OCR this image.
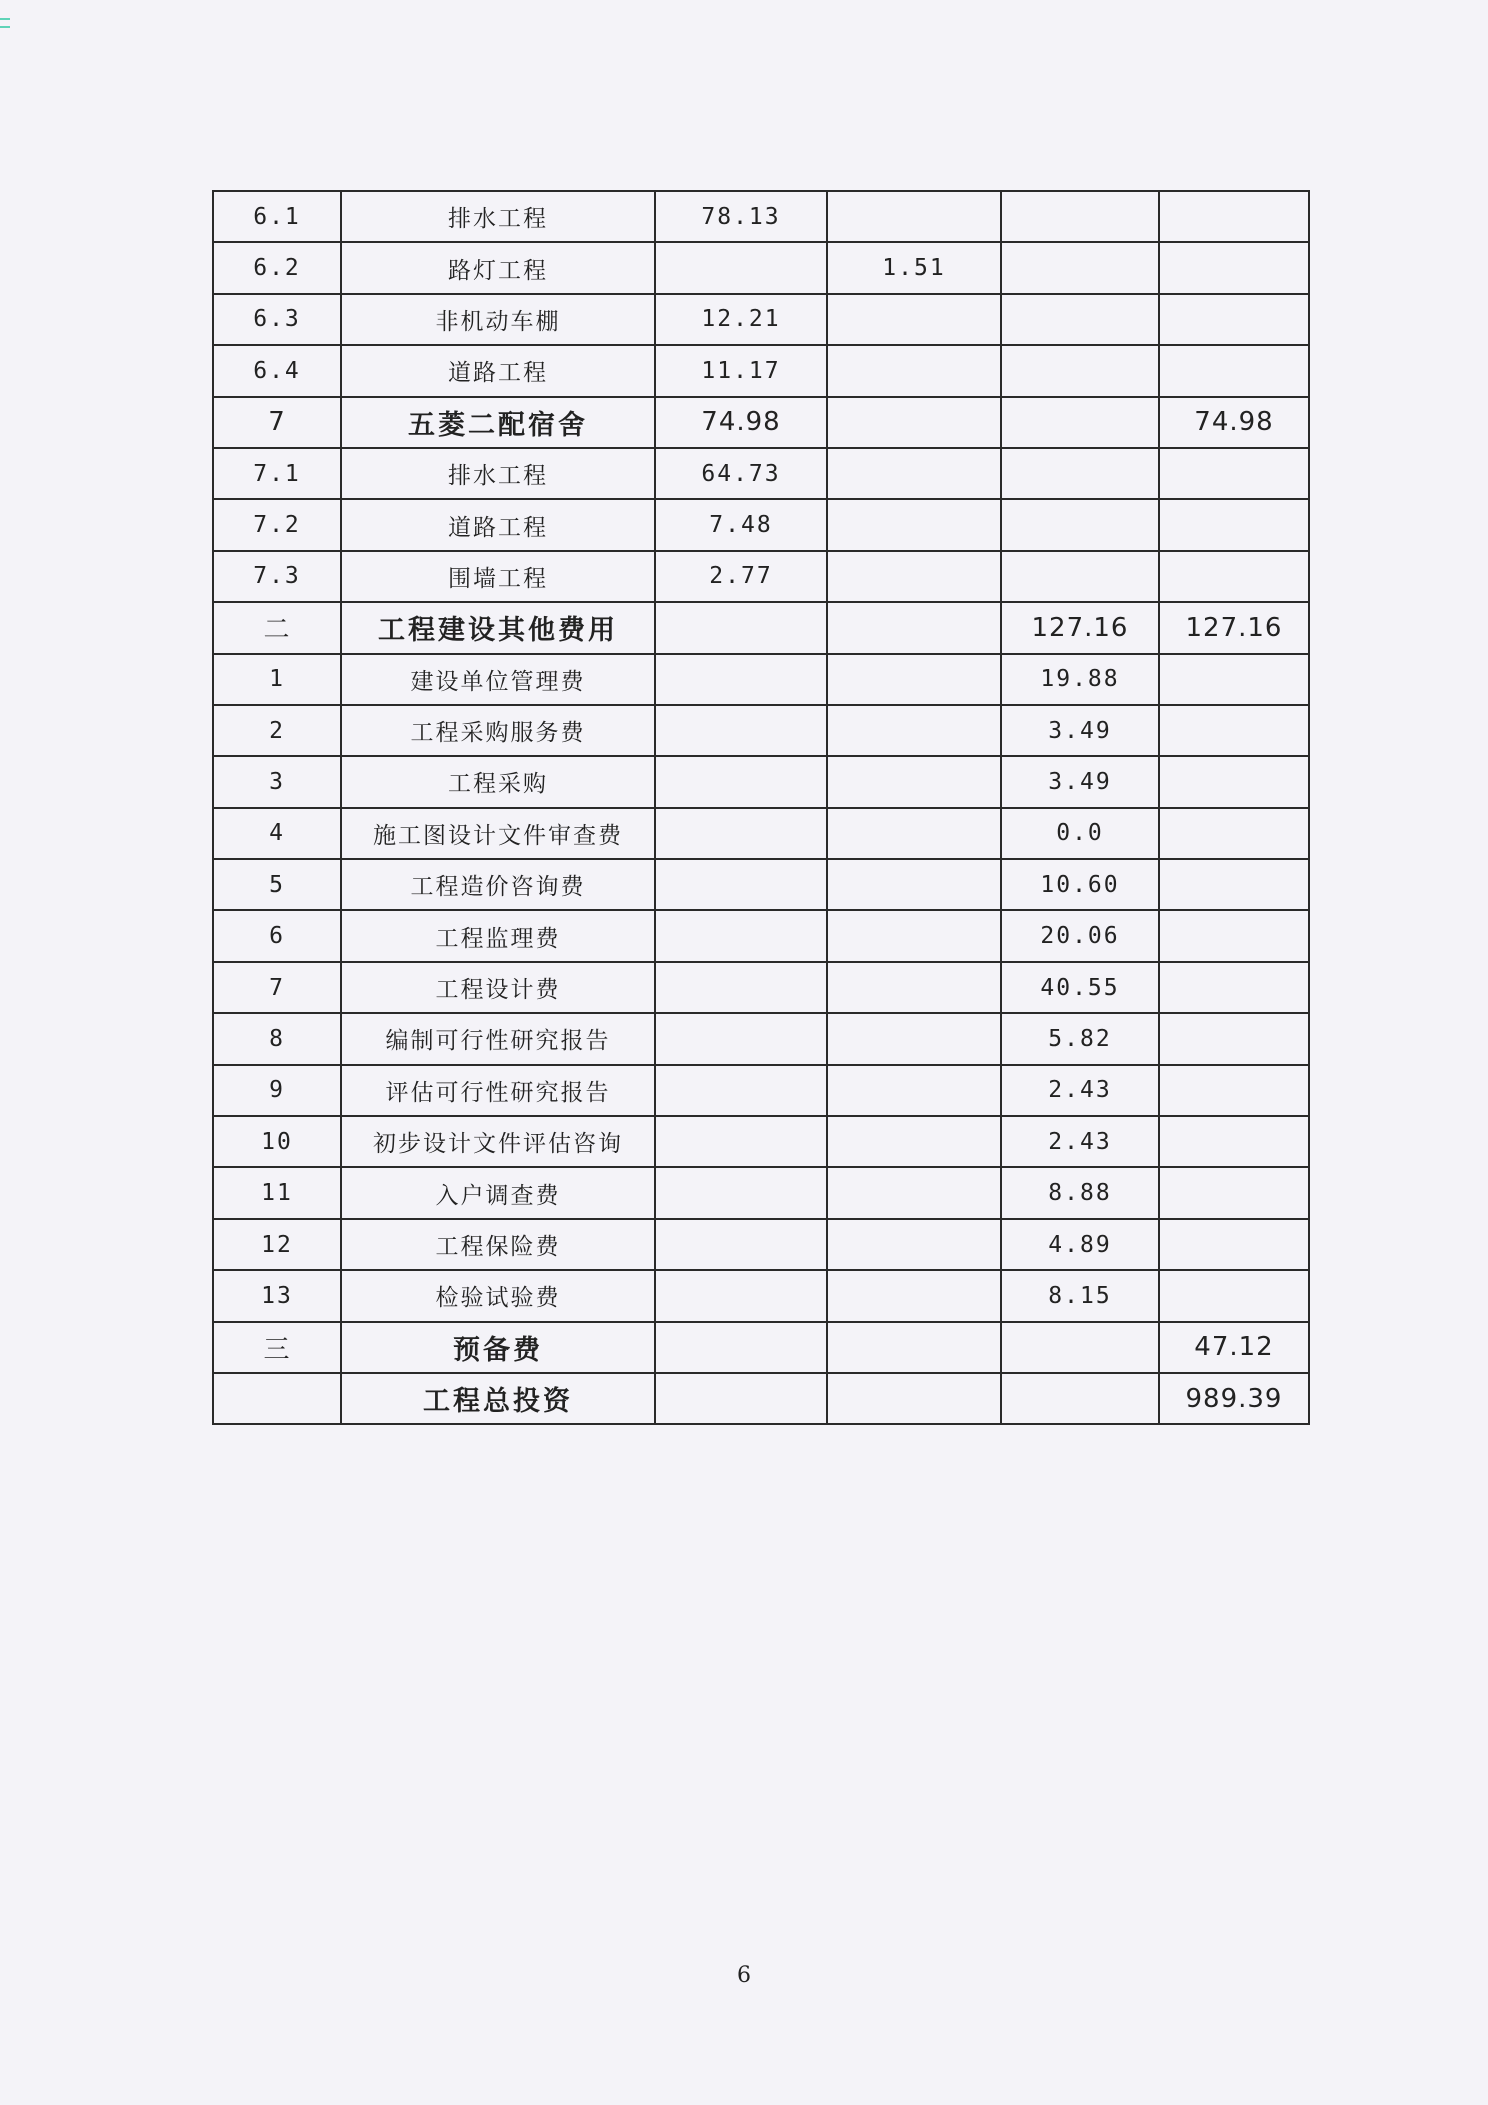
6.1	排水工程	78.13			
6.2	路灯工程		1.51		
6.3	非机动车棚	12.21			
6.4	道路工程	11.17			
7	五菱二配宿舍	74.98			74.98
7.1	排水工程	64.73			
7.2	道路工程	7.48			
7.3	围墙工程	2.77			
二	工程建设其他费用			127.16	127.16
1	建设单位管理费			19.88	
2	工程采购服务费			3.49	
3	工程采购			3.49	
4	施工图设计文件审查费			0.0	
5	工程造价咨询费			10.60	
6	工程监理费			20.06	
7	工程设计费			40.55	
8	编制可行性研究报告			5.82	
9	评估可行性研究报告			2.43	
10	初步设计文件评估咨询			2.43	
11	入户调查费			8.88	
12	工程保险费			4.89	
13	检验试验费			8.15	
三	预备费				47.12
	工程总投资				989.39
6
